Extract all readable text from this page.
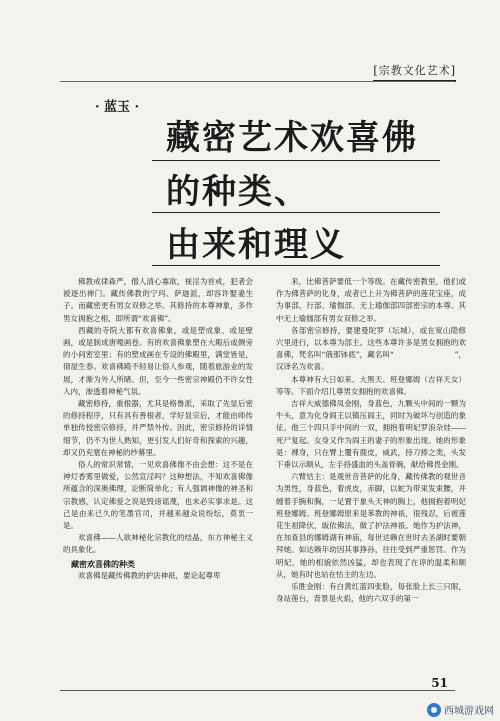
[宗教文化艺术]
· 蓝玉 ·
藏密艺术欢喜佛
的种类、
由来和理义

佛教戒律森严，僧人清心寡欲，视淫为首戒，犯者会被逐出禅门。藏传佛教的宁玛、萨迦派，却容许娶妻生子。而藏密更有男女双修之举。其修持的本尊神象，多作男女拥抱之相，即所谓“欢喜佛”。

西藏的寺院大都有欢喜佛象，或是塑成象、或是壁画，或是制成唐嘎画卷。有的欢喜佛象塑在大殿后或侧旁的小间密室里；有的塑成画在专设的佛殿里，满堂皆是，彻屋生春。欢喜佛殿不轻易让俗人参观，随着旅游业的发展，才渐为外人所睹。但，至今一些密宗神殿仍不许女性入内，渗透着神秘气氛。

藏密修持，重根器，尤其是格鲁派，采取了先显后密的修持程序，只有具有善根者，学好显宗后，才能由师传单独传授密宗修持，并严禁外传。因此，密宗修持的详情细节，仍不为世人熟知，更引发人们好奇和探索的兴趣，却又仍充塞在神秘的纱幕里。

俗人的常识常情，一见欢喜佛像不由会想：这不是在神灯香雾里做爱，公然宣淫吗？这种想法，不知欢喜佛像所蕴含的深奥佛理，论断简单化；有人强调神像的神圣和宗教感，认定佛爱之说是毁谤谣蔑，也未必实事求是。这己是由来已久的笔墨官司，并越来越众说纷纭，莫衷一是。

欢喜佛——人欲神秘化宗教化的结晶，东方神秘主义的具象化。

藏密欢喜佛的种类

欢喜佛是藏传佛教的护法神祇，要论起尊卑

来，比佛菩萨要低一个等级。在藏传密教里，他们或作为佛菩萨的化身，或者已上升为佛菩萨的莲花宝座，成为事部、行部、瑜伽部、无上瑜伽部四部密宗的本尊。其中无上瑜伽部有男女双修之举。

各部密宗修持，要建曼陀罗（坛城），或在宽山隐修穴里进行，以本尊为部主。这些本尊许多是男女拥抱的欢喜佛，梵名叫“俄那钵底”，藏名叫“　　　　　　　　”，汉译名为欢喜。

本尊神有大日如来、大黑天、班登娜姆（吉祥天女）等等。下面介绍几尊男女拥抱的欢喜佛。

吉祥大威德佛凤金刚，身蓝色，九颗头中间的一颗为牛头，意为化身阎王以镇压阎王，同时为破坏与创造的象征。他三十四只手中间的一双，拥抱着明妃罗浪杂娃——死尸复起。女身又作为阎王的妻子的形象出现。她的形象是：裸身，只在臂上覆有鹿皮，威武，持刀捧之类，头发下垂以示顺从，左手持盛血的头盖骨碗，献给佛畏金刚。

六臂怙主：是观世音菩萨的化身，藏传佛教的观世音为男性，身蓝色，着虎皮，赤脚，以蛇为带束发束腰，并缠着手腕和胸，一足置于象头天神的胸上，他拥抱着明妃班登娜姆。班登娜姆原来是苯教的神祇，很残忍，后被莲花生祖降伏，皈依佛法，做了护法神祇。她作为护法神，在加查县的娜姆湖有神庙，每世达赖在世时去圣湖时要朝拜她。如达赖年幼因其事挣孙，往往受到严重惩罚。作为明妃，她的相貌依然凶猛，却也表现了在谆的温柔和顺从，她有时也站在怙主的左边。

乐胜金刚：有白黄红蓝四张脸，每张脸上长三只眼，身站莲台，背景是火焰，他的六双手的第一

51
西城游戏网
